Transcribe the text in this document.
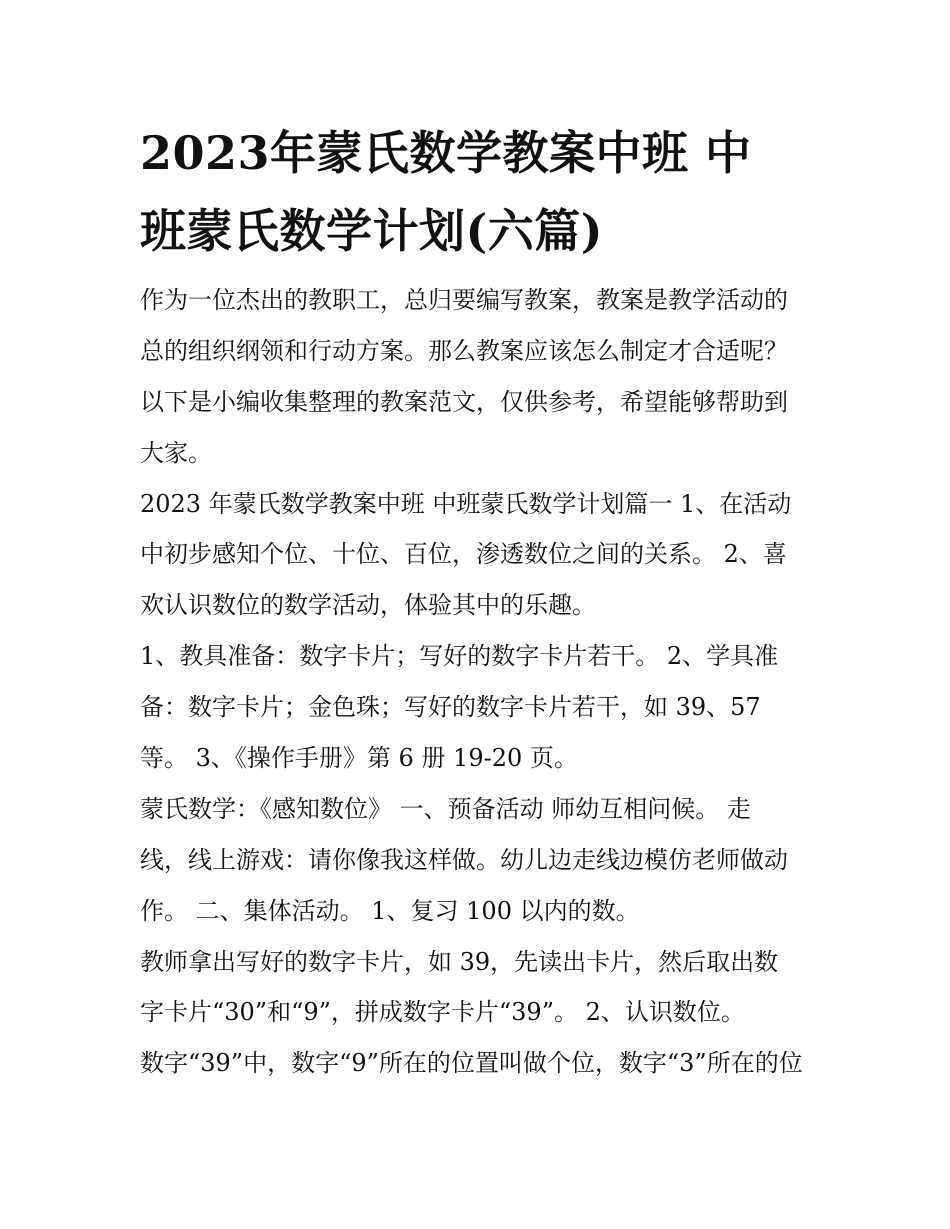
2023年蒙氏数学教案中班 中
班蒙氏数学计划(六篇)
作为一位杰出的教职工，总归要编写教案，教案是教学活动的
总的组织纲领和行动方案。那么教案应该怎么制定才合适呢？
以下是小编收集整理的教案范文，仅供参考，希望能够帮助到
大家。
2023 年蒙氏数学教案中班 中班蒙氏数学计划篇一 1、在活动
中初步感知个位、十位、百位，渗透数位之间的关系。 2、喜
欢认识数位的数学活动，体验其中的乐趣。
1、教具准备：数字卡片；写好的数字卡片若干。 2、学具准
备：数字卡片；金色珠；写好的数字卡片若干，如 39、57
等。 3、《操作手册》第 6 册 19-20 页。
蒙氏数学：《感知数位》 一、预备活动 师幼互相问候。 走
线，线上游戏：请你像我这样做。幼儿边走线边模仿老师做动
作。 二、集体活动。 1、复习 100 以内的数。
教师拿出写好的数字卡片，如 39，先读出卡片，然后取出数
字卡片“30”和“9”，拼成数字卡片“39”。 2、认识数位。
数字“39”中，数字“9”所在的位置叫做个位，数字“3”所在的位
